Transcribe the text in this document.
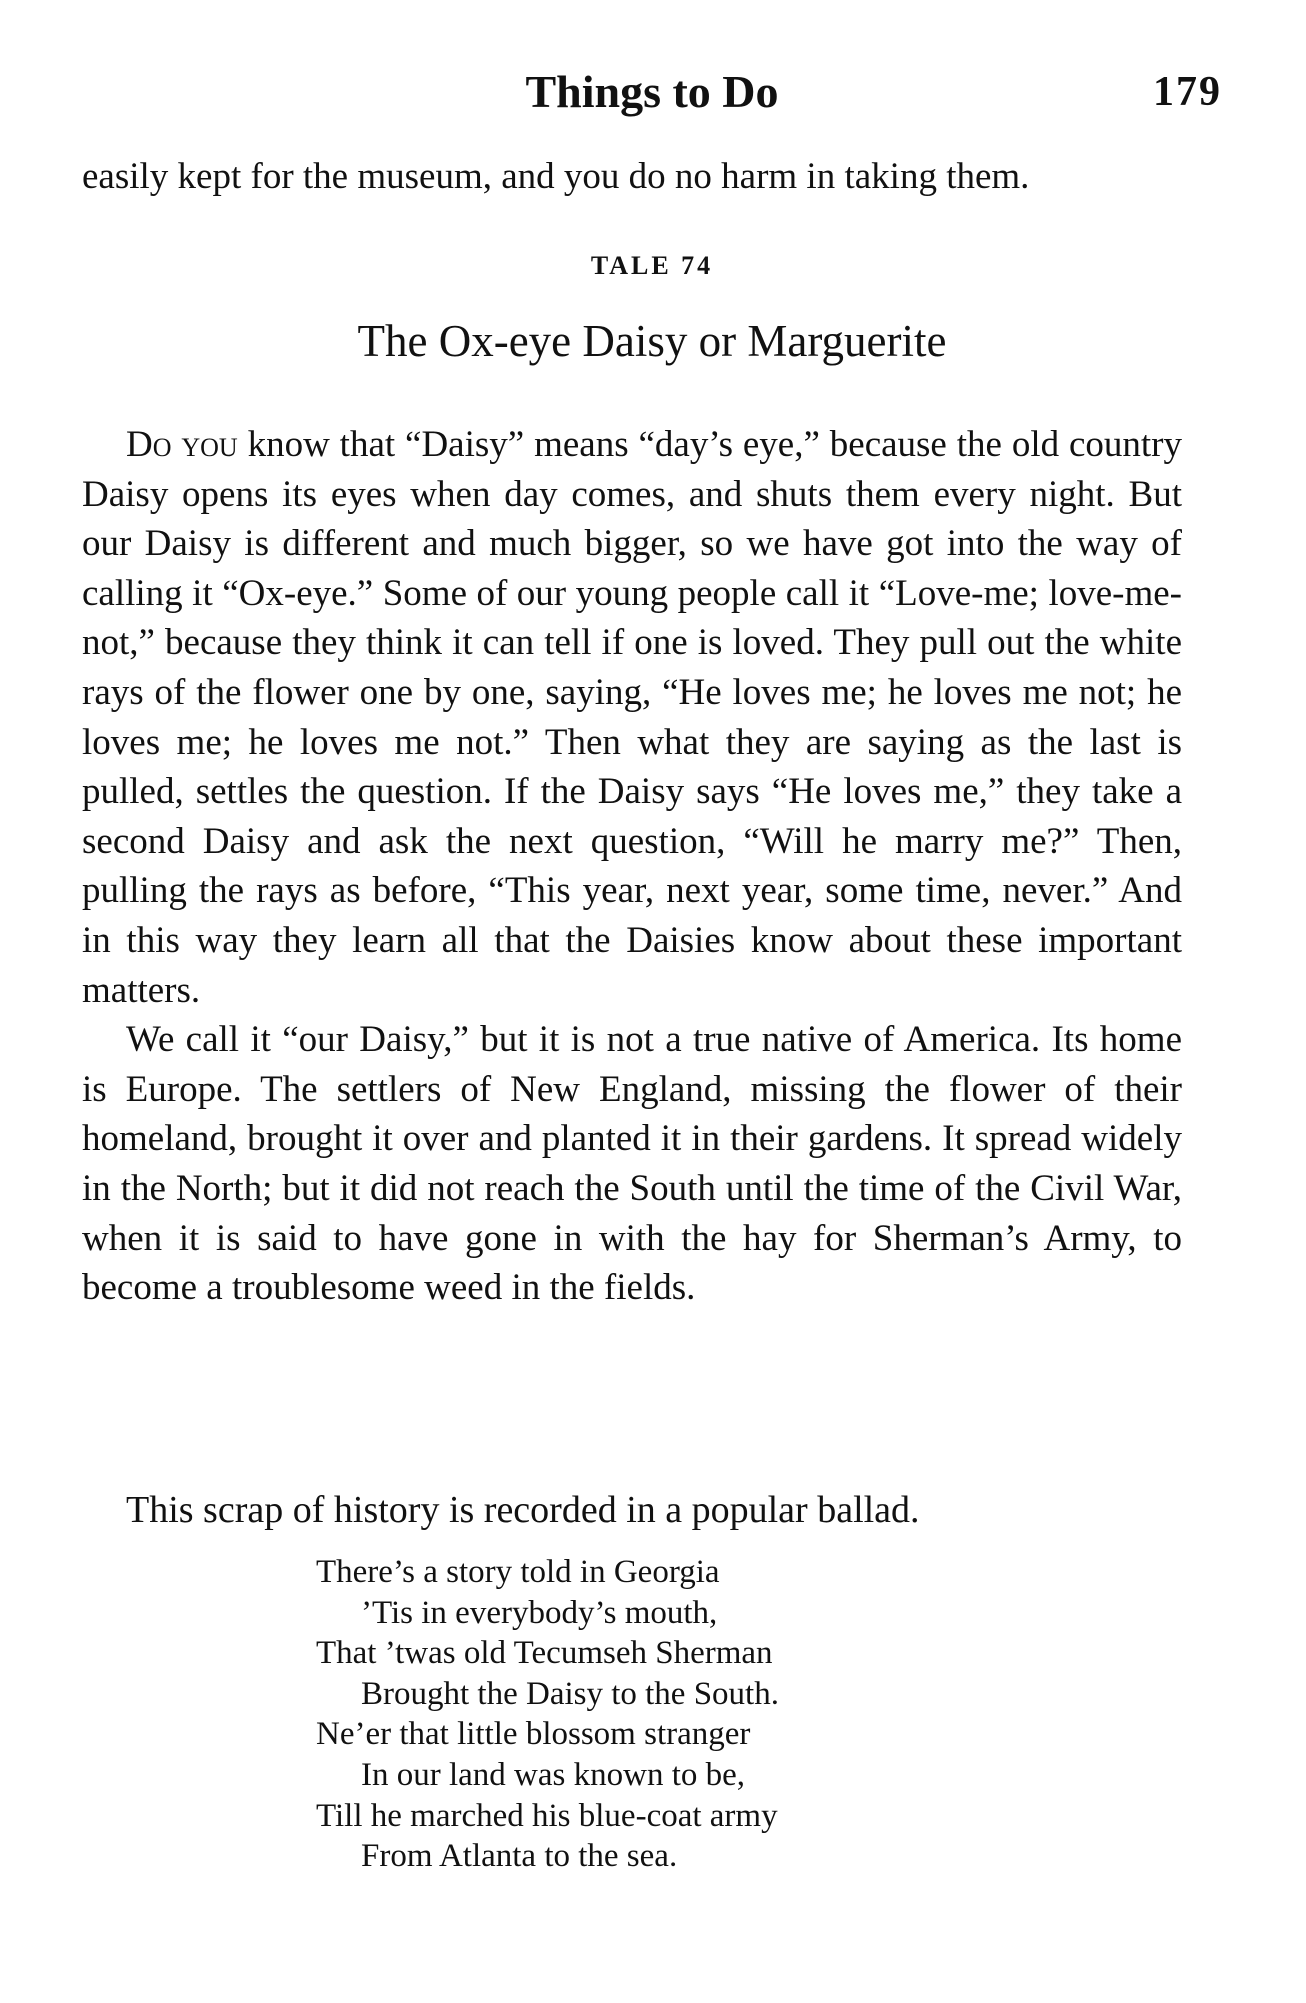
Things to Do	179
easily kept for the museum, and you do no harm in taking them.
TALE 74
The Ox-eye Daisy or Marguerite

Do you know that “Daisy” means “day’s eye,” because the old country Daisy opens its eyes when day comes, and shuts them every night. But our Daisy is different and much bigger, so we have got into the way of calling it “Ox-eye.” Some of our young people call it “Love-me; love-me-not,” because they think it can tell if one is loved. They pull out the white rays of the flower one by one, saying, “He loves me; he loves me not; he loves me; he loves me not.” Then what they are saying as the last is pulled, settles the question. If the Daisy says “He loves me,” they take a second Daisy and ask the next question, “Will he marry me?” Then, pulling the rays as before, “This year, next year, some time, never.” And in this way they learn all that the Daisies know about these important matters.

We call it “our Daisy,” but it is not a true native of America. Its home is Europe. The settlers of New England, missing the flower of their homeland, brought it over and planted it in their gardens. It spread widely in the North; but it did not reach the South until the time of the Civil War, when it is said to have gone in with the hay for Sherman’s Army, to become a troublesome weed in the fields.

This scrap of history is recorded in a popular ballad.
There’s a story told in Georgia
’Tis in everybody’s mouth,
That ’twas old Tecumseh Sherman
Brought the Daisy to the South.
Ne’er that little blossom stranger
In our land was known to be,
Till he marched his blue-coat army
From Atlanta to the sea.
